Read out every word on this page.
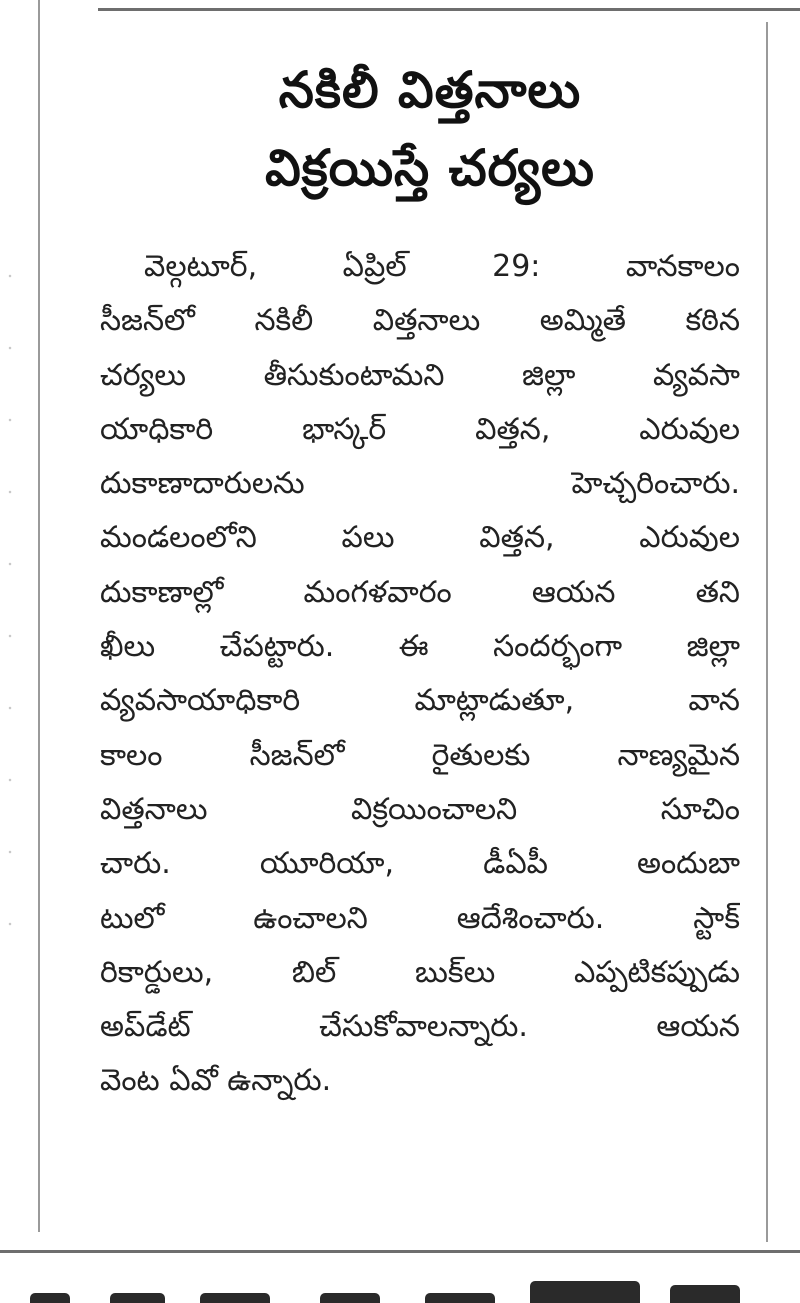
నకిలీ విత్తనాలు
విక్రయిస్తే చర్యలు
వెల్గటూర్, ఏప్రిల్ 29: వానకాలం
సీజన్‌లో నకిలీ విత్తనాలు అమ్మితే కఠిన
చర్యలు తీసుకుంటామని జిల్లా వ్యవసా
యాధికారి భాస్కర్ విత్తన, ఎరువుల
దుకాణాదారులను హెచ్చరించారు.
మండలంలోని పలు విత్తన, ఎరువుల
దుకాణాల్లో మంగళవారం ఆయన తని
ఖీలు చేపట్టారు. ఈ సందర్భంగా జిల్లా
వ్యవసాయాధికారి మాట్లాడుతూ, వాన
కాలం సీజన్‌లో రైతులకు నాణ్యమైన
విత్తనాలు విక్రయించాలని సూచిం
చారు. యూరియా, డీఏపీ అందుబా
టులో ఉంచాలని ఆదేశించారు. స్టాక్
రికార్డులు, బిల్ బుక్‌లు ఎప్పటికప్పుడు
అప్‌డేట్ చేసుకోవాలన్నారు. ఆయన
వెంట ఏవో ఉన్నారు.
